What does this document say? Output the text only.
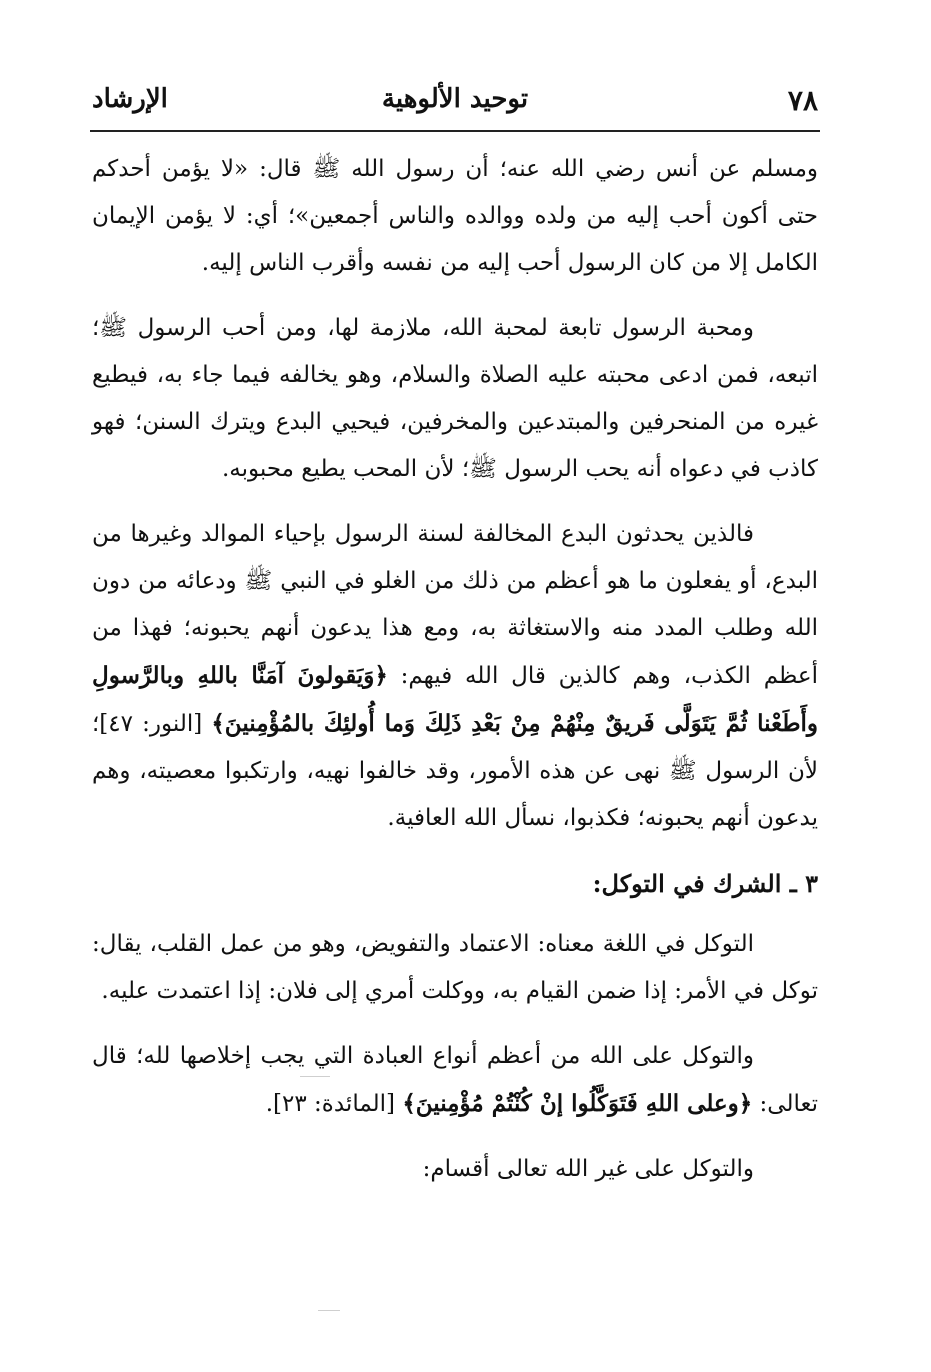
٧٨
توحيد الألوهية
الإرشاد

ومسلم عن أنس رضي الله عنه؛ أن رسول الله ﷺ قال: «لا يؤمن أحدكم حتى أكون أحب إليه من ولده ووالده والناس أجمعين»؛ أي: لا يؤمن الإيمان الكامل إلا من كان الرسول أحب إليه من نفسه وأقرب الناس إليه.

ومحبة الرسول تابعة لمحبة الله، ملازمة لها، ومن أحب الرسول ﷺ؛ اتبعه، فمن ادعى محبته عليه الصلاة والسلام، وهو يخالفه فيما جاء به، فيطيع غيره من المنحرفين والمبتدعين والمخرفين، فيحيي البدع ويترك السنن؛ فهو كاذب في دعواه أنه يحب الرسول ﷺ؛ لأن المحب يطيع محبوبه.

فالذين يحدثون البدع المخالفة لسنة الرسول بإحياء الموالد وغيرها من البدع، أو يفعلون ما هو أعظم من ذلك من الغلو في النبي ﷺ ودعائه من دون الله وطلب المدد منه والاستغاثة به، ومع هذا يدعون أنهم يحبونه؛ فهذا من أعظم الكذب، وهم كالذين قال الله فيهم: ﴿وَيَقولونَ آمَنَّا باللهِ وبالرَّسولِ وأَطَعْنا ثُمَّ يَتَوَلَّى فَريقٌ مِنْهُمْ مِنْ بَعْدِ ذَلِكَ وَما أُولئِكَ بالمُؤْمِنينَ﴾ [النور: ٤٧]؛ لأن الرسول ﷺ نهى عن هذه الأمور، وقد خالفوا نهيه، وارتكبوا معصيته، وهم يدعون أنهم يحبونه؛ فكذبوا، نسأل الله العافية.

٣ ـ الشرك في التوكل:

التوكل في اللغة معناه: الاعتماد والتفويض، وهو من عمل القلب، يقال: توكل في الأمر: إذا ضمن القيام به، ووكلت أمري إلى فلان: إذا اعتمدت عليه.

والتوكل على الله من أعظم أنواع العبادة التي يجب إخلاصها لله؛ قال تعالى: ﴿وعلى اللهِ فَتَوَكَّلُوا إنْ كُنْتُمْ مُؤْمِنينَ﴾ [المائدة: ٢٣].

والتوكل على غير الله تعالى أقسام:
